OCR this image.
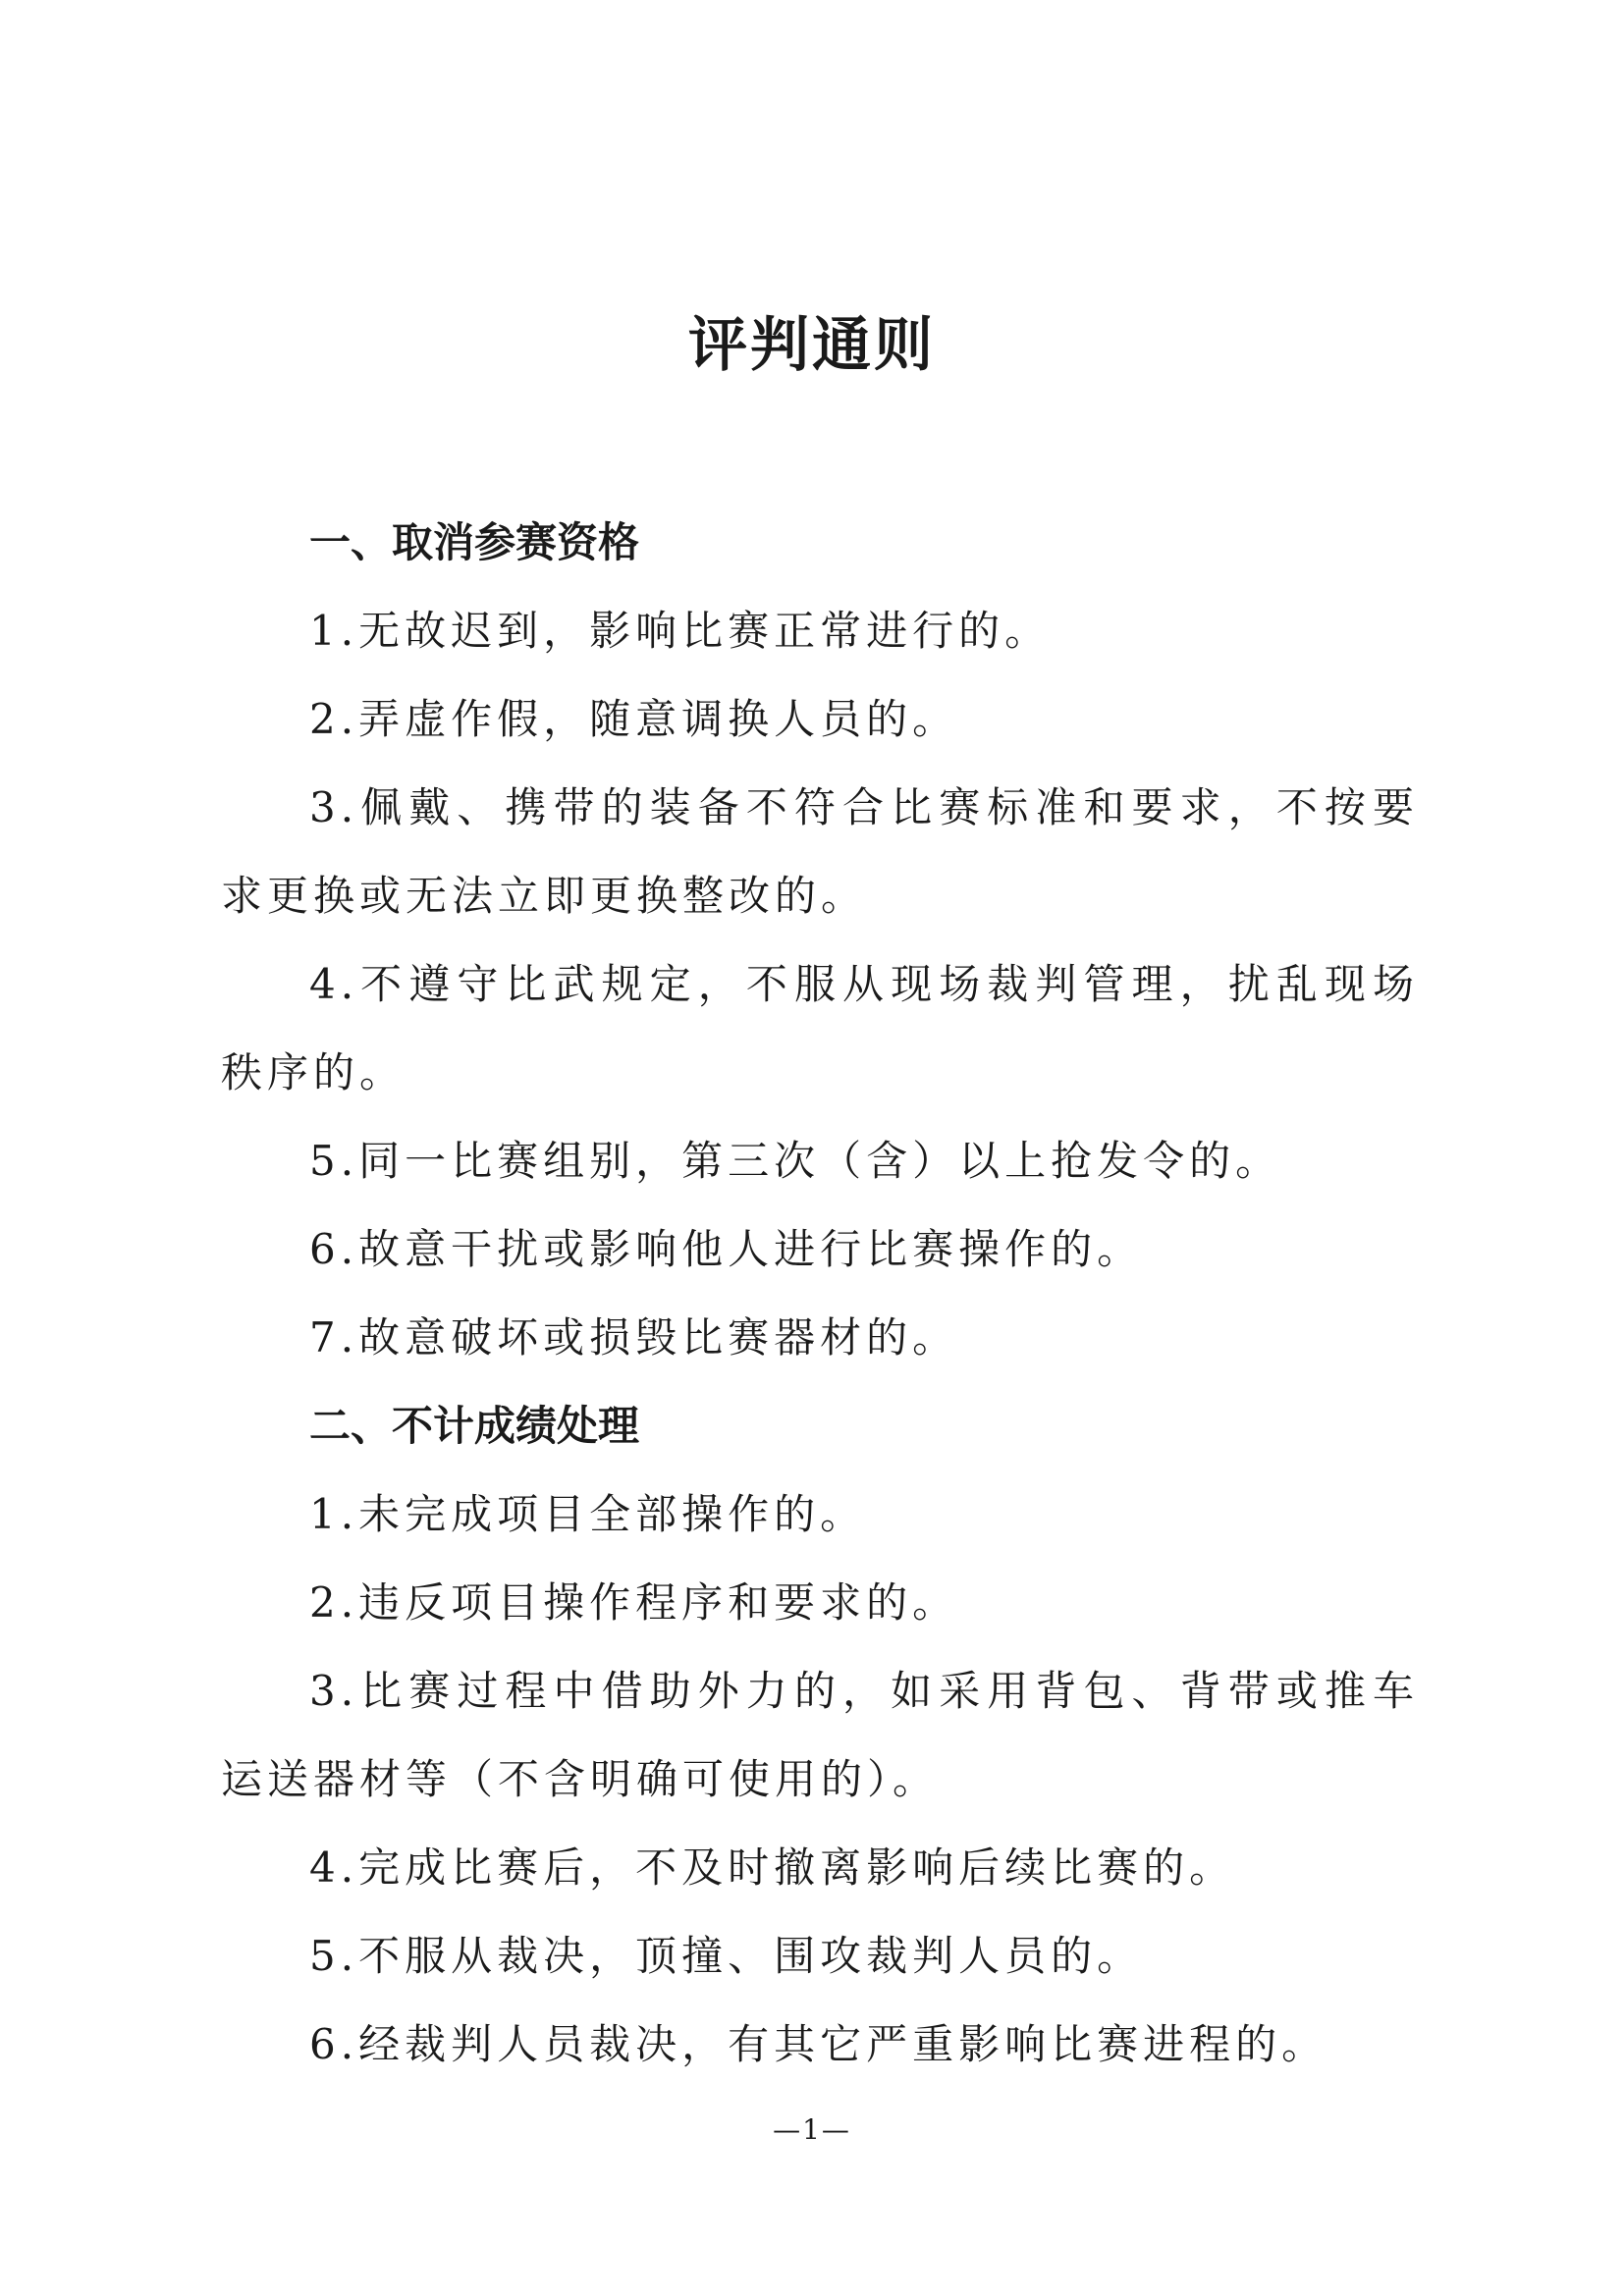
评判通则
一、取消参赛资格

1.无故迟到，影响比赛正常进行的。

2.弄虚作假，随意调换人员的。

3.佩戴、携带的装备不符合比赛标准和要求，不按要求更换或无法立即更换整改的。

4.不遵守比武规定，不服从现场裁判管理，扰乱现场秩序的。

5.同一比赛组别，第三次（含）以上抢发令的。

6.故意干扰或影响他人进行比赛操作的。

7.故意破坏或损毁比赛器材的。

二、不计成绩处理

1.未完成项目全部操作的。

2.违反项目操作程序和要求的。

3.比赛过程中借助外力的，如采用背包、背带或推车运送器材等（不含明确可使用的）。

4.完成比赛后，不及时撤离影响后续比赛的。

5.不服从裁决，顶撞、围攻裁判人员的。

6.经裁判人员裁决，有其它严重影响比赛进程的。

—1—
